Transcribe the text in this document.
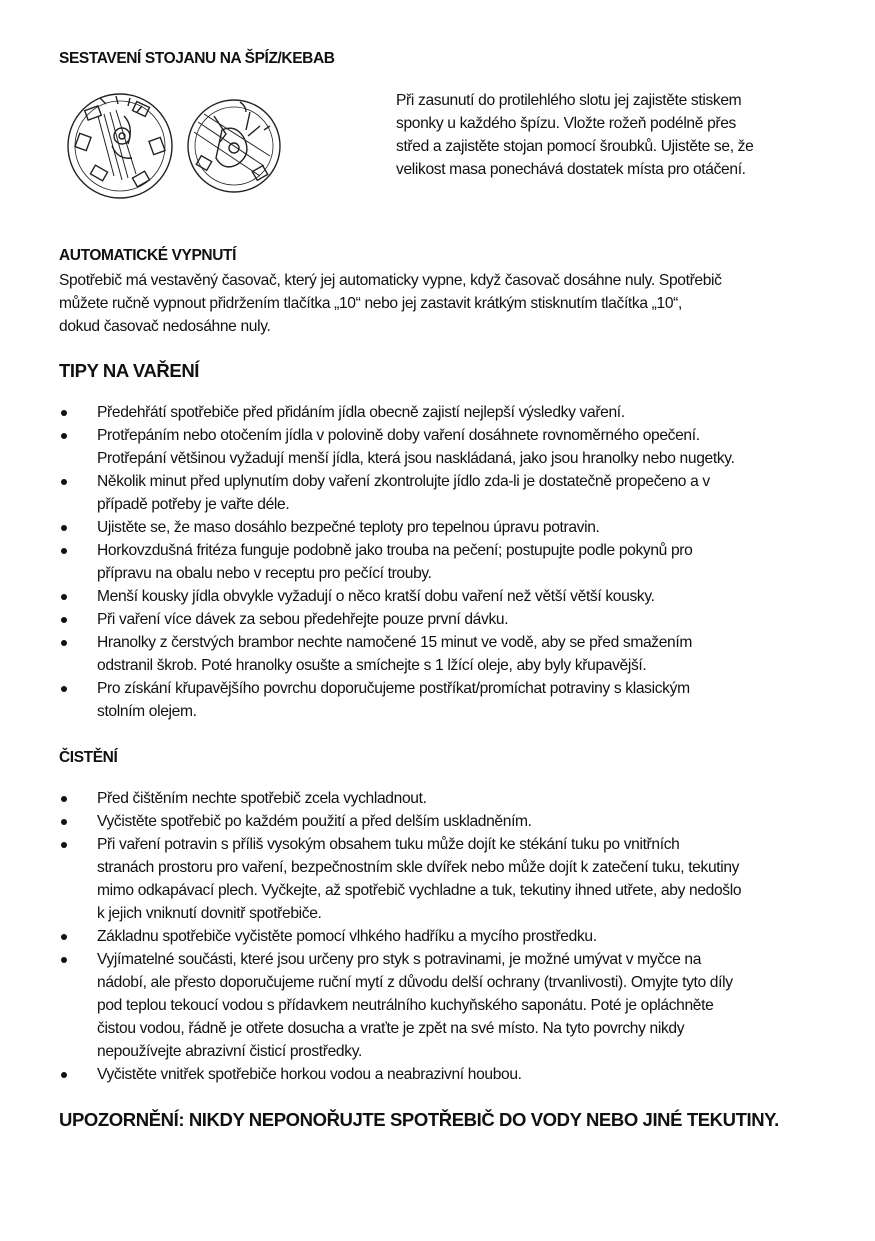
SESTAVENÍ STOJANU NA ŠPÍZ/KEBAB
Při zasunutí do protilehlého slotu jej zajistěte stiskem
sponky u každého špízu. Vložte rožeň podélně přes
střed a zajistěte stojan pomocí šroubků. Ujistěte se, že
velikost masa ponechává dostatek místa pro otáčení.
AUTOMATICKÉ VYPNUTÍ
Spotřebič má vestavěný časovač, který jej automaticky vypne, když časovač dosáhne nuly. Spotřebič
můžete ručně vypnout přidržením tlačítka „10“ nebo jej zastavit krátkým stisknutím tlačítka „10“,
dokud časovač nedosáhne nuly.
TIPY NA VAŘENÍ
Předehřátí spotřebiče před přidáním jídla obecně zajistí nejlepší výsledky vaření.
Protřepáním nebo otočením jídla v polovině doby vaření dosáhnete rovnoměrného opečení.
Protřepání většinou vyžadují menší jídla, která jsou naskládaná, jako jsou hranolky nebo nugetky.
Několik minut před uplynutím doby vaření zkontrolujte jídlo zda-li je dostatečně propečeno a v
případě potřeby je vařte déle.
Ujistěte se, že maso dosáhlo bezpečné teploty pro tepelnou úpravu potravin.
Horkovzdušná fritéza funguje podobně jako trouba na pečení; postupujte podle pokynů pro
přípravu na obalu nebo v receptu pro pečící trouby.
Menší kousky jídla obvykle vyžadují o něco kratší dobu vaření než větší větší kousky.
Při vaření více dávek za sebou předehřejte pouze první dávku.
Hranolky z čerstvých brambor nechte namočené 15 minut ve vodě, aby se před smažením
odstranil škrob. Poté hranolky osušte a smíchejte s 1 lžící oleje, aby byly křupavější.
Pro získání křupavějšího povrchu doporučujeme postříkat/promíchat potraviny s klasickým
stolním olejem.
ČISTĚNÍ
Před čištěním nechte spotřebič zcela vychladnout.
Vyčistěte spotřebič po každém použití a před delším uskladněním.
Při vaření potravin s příliš vysokým obsahem tuku může dojít ke stékání tuku po vnitřních
stranách prostoru pro vaření, bezpečnostním skle dvířek nebo může dojít k zatečení tuku, tekutiny
mimo odkapávací plech. Vyčkejte, až spotřebič vychladne a tuk, tekutiny ihned utřete, aby nedošlo
k jejich vniknutí dovnitř spotřebiče.
Základnu spotřebiče vyčistěte pomocí vlhkého hadříku a mycího prostředku.
Vyjímatelné součásti, které jsou určeny pro styk s potravinami, je možné umývat v myčce na
nádobí, ale přesto doporučujeme ruční mytí z důvodu delší ochrany (trvanlivosti). Omyjte tyto díly
pod teplou tekoucí vodou s přídavkem neutrálního kuchyňského saponátu. Poté je opláchněte
čistou vodou, řádně je otřete dosucha a vraťte je zpět na své místo. Na tyto povrchy nikdy
nepoužívejte abrazivní čisticí prostředky.
Vyčistěte vnitřek spotřebiče horkou vodou a neabrazivní houbou.
UPOZORNĚNÍ: NIKDY NEPONOŘUJTE SPOTŘEBIČ DO VODY NEBO JINÉ TEKUTINY.
